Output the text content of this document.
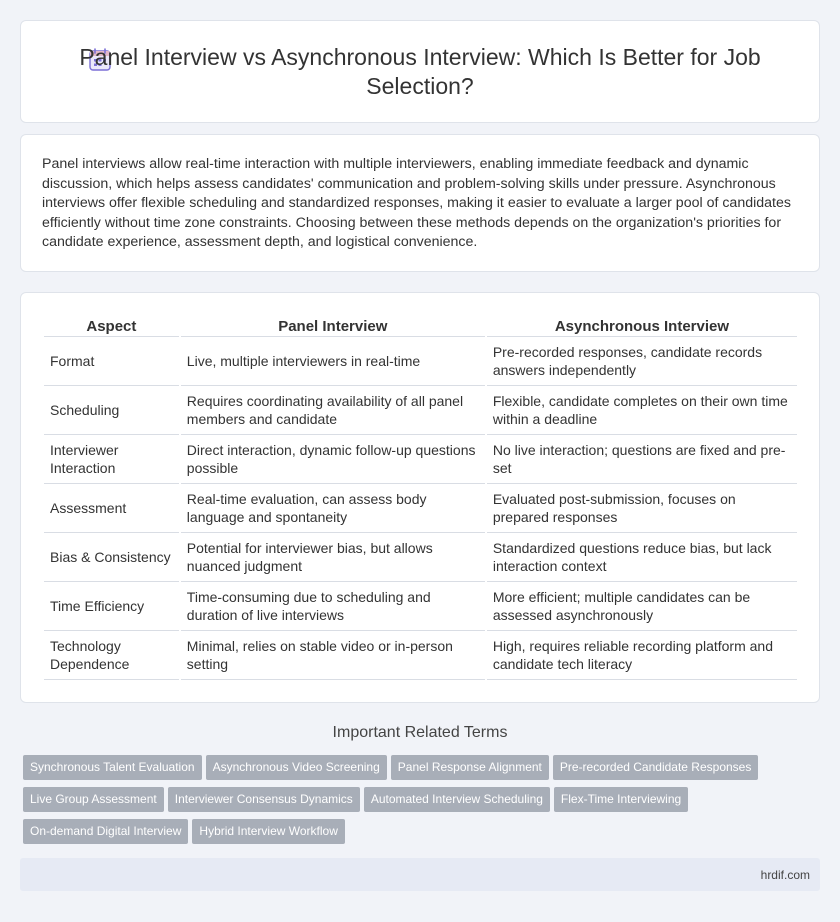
Panel Interview vs Asynchronous Interview: Which Is Better for Job Selection?

Panel interviews allow real-time interaction with multiple interviewers, enabling immediate feedback and dynamic discussion, which helps assess candidates' communication and problem-solving skills under pressure. Asynchronous interviews offer flexible scheduling and standardized responses, making it easier to evaluate a larger pool of candidates efficiently without time zone constraints. Choosing between these methods depends on the organization's priorities for candidate experience, assessment depth, and logistical convenience.

Aspect	Panel Interview	Asynchronous Interview
Format	Live, multiple interviewers in real-time	Pre-recorded responses, candidate records answers independently
Scheduling	Requires coordinating availability of all panel members and candidate	Flexible, candidate completes on their own time within a deadline
Interviewer Interaction	Direct interaction, dynamic follow-up questions possible	No live interaction; questions are fixed and pre-set
Assessment	Real-time evaluation, can assess body language and spontaneity	Evaluated post-submission, focuses on prepared responses
Bias & Consistency	Potential for interviewer bias, but allows nuanced judgment	Standardized questions reduce bias, but lack interaction context
Time Efficiency	Time-consuming due to scheduling and duration of live interviews	More efficient; multiple candidates can be assessed asynchronously
Technology Dependence	Minimal, relies on stable video or in-person setting	High, requires reliable recording platform and candidate tech literacy
Important Related Terms
Synchronous Talent Evaluation Asynchronous Video Screening Panel Response Alignment Pre-recorded Candidate Responses
Live Group Assessment Interviewer Consensus Dynamics Automated Interview Scheduling Flex-Time Interviewing
On-demand Digital Interview Hybrid Interview Workflow
hrdif.com
